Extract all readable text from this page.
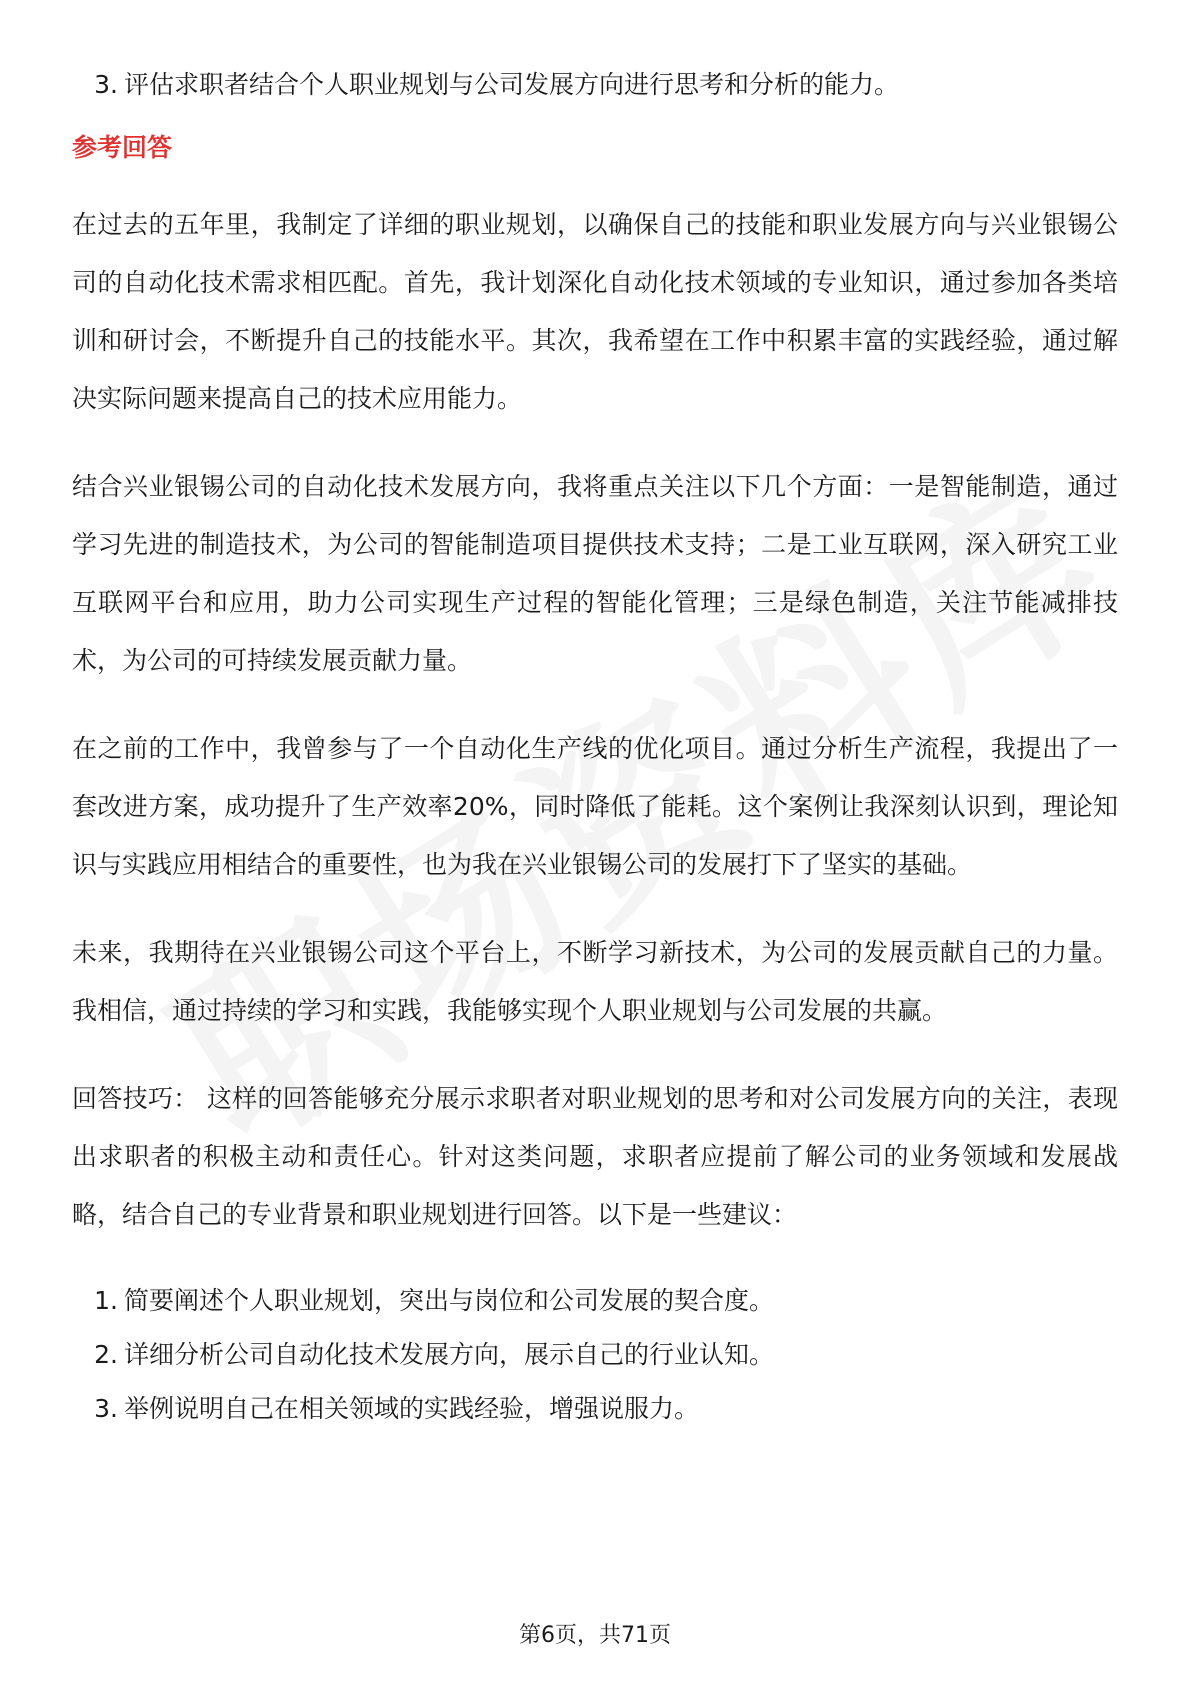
3. 评估求职者结合个人职业规划与公司发展方向进行思考和分析的能力。
参考回答

在过去的五年里，我制定了详细的职业规划，以确保自己的技能和职业发展方向与兴业银锡公司的自动化技术需求相匹配。首先，我计划深化自动化技术领域的专业知识，通过参加各类培训和研讨会，不断提升自己的技能水平。其次，我希望在工作中积累丰富的实践经验，通过解决实际问题来提高自己的技术应用能力。

结合兴业银锡公司的自动化技术发展方向，我将重点关注以下几个方面：一是智能制造，通过学习先进的制造技术，为公司的智能制造项目提供技术支持；二是工业互联网，深入研究工业互联网平台和应用，助力公司实现生产过程的智能化管理；三是绿色制造，关注节能减排技术，为公司的可持续发展贡献力量。

在之前的工作中，我曾参与了一个自动化生产线的优化项目。通过分析生产流程，我提出了一套改进方案，成功提升了生产效率20%，同时降低了能耗。这个案例让我深刻认识到，理论知识与实践应用相结合的重要性，也为我在兴业银锡公司的发展打下了坚实的基础。

未来，我期待在兴业银锡公司这个平台上，不断学习新技术，为公司的发展贡献自己的力量。我相信，通过持续的学习和实践，我能够实现个人职业规划与公司发展的共赢。

回答技巧： 这样的回答能够充分展示求职者对职业规划的思考和对公司发展方向的关注，表现出求职者的积极主动和责任心。针对这类问题，求职者应提前了解公司的业务领域和发展战略，结合自己的专业背景和职业规划进行回答。以下是一些建议：

1. 简要阐述个人职业规划，突出与岗位和公司发展的契合度。
2. 详细分析公司自动化技术发展方向，展示自己的行业认知。
3. 举例说明自己在相关领域的实践经验，增强说服力。
第6页，共71页
